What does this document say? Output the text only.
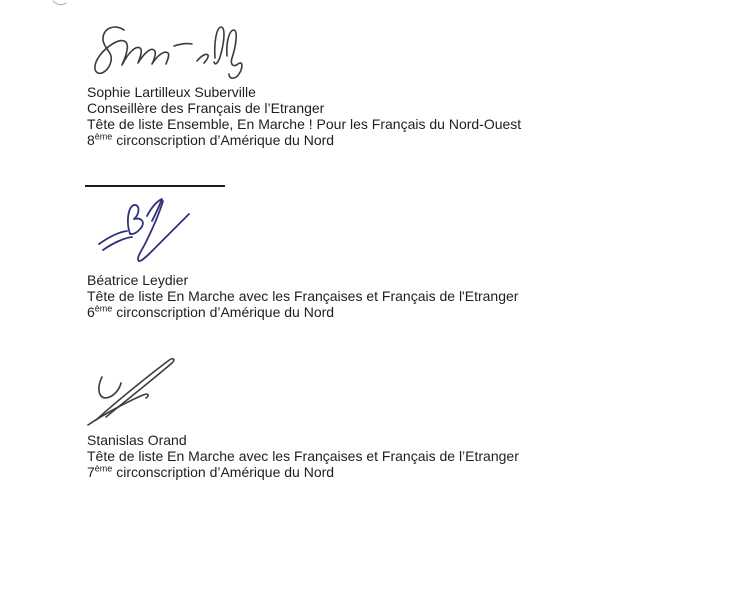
Sophie Lartilleux Suberville

Conseillère des Français de l’Etranger

Tête de liste Ensemble, En Marche ! Pour les Français du Nord-Ouest

8ème circonscription d’Amérique du Nord

Béatrice Leydier

Tête de liste En Marche avec les Françaises et Français de l'Etranger

6ème circonscription d’Amérique du Nord

Stanislas Orand

Tête de liste En Marche avec les Françaises et Français de l’Etranger

7ème circonscription d’Amérique du Nord
